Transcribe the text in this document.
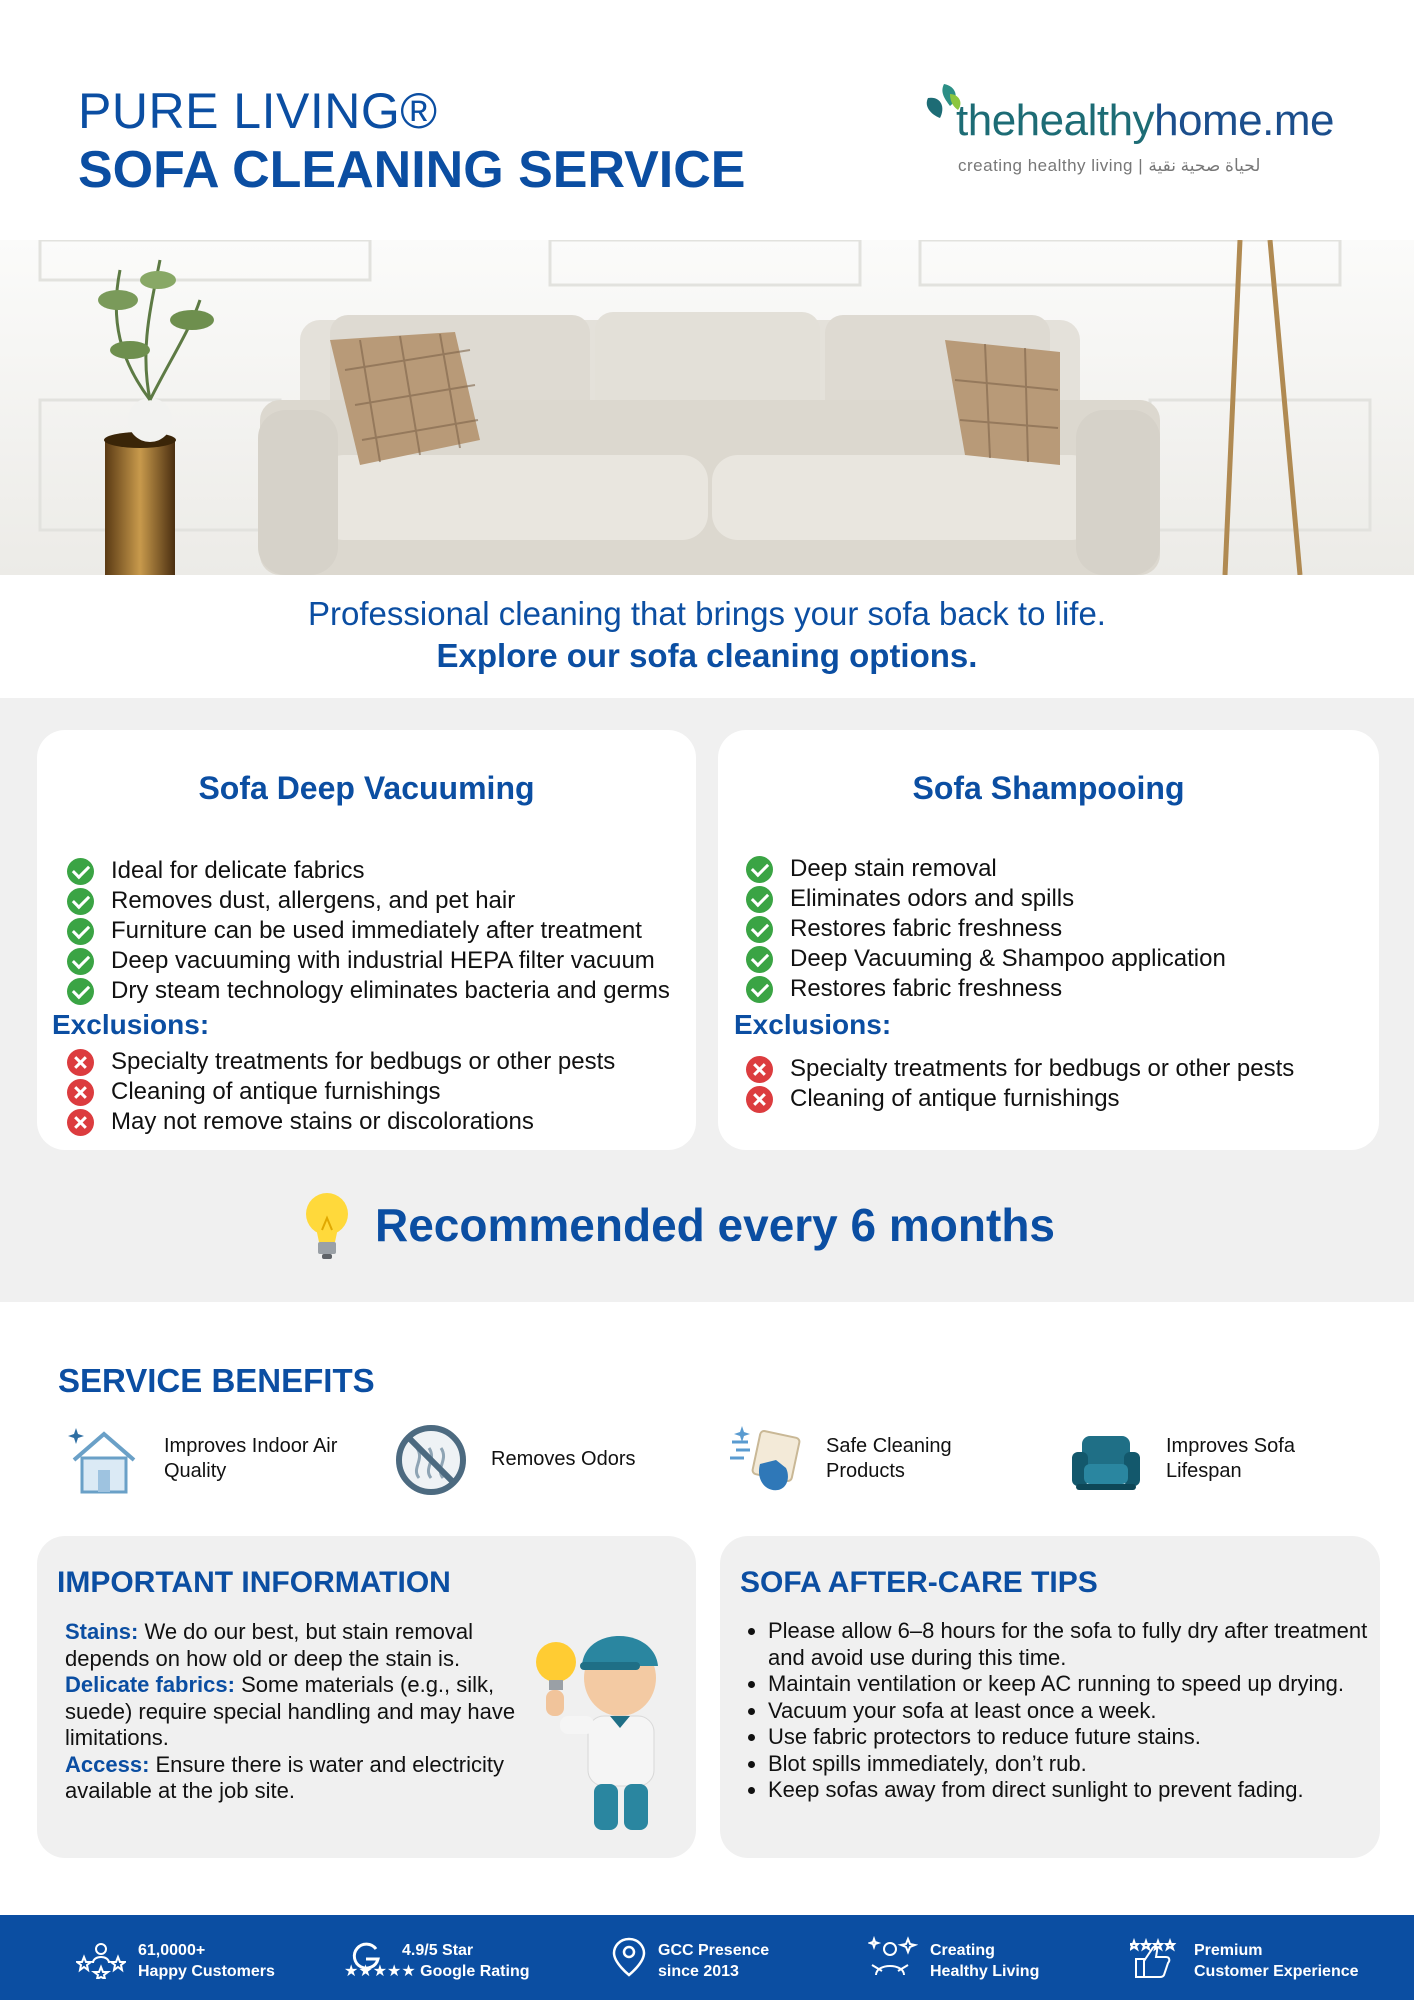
PURE LIVING®
SOFA CLEANING SERVICE
thehealthyhome.me
creating healthy living | لحياة صحية نقية
Professional cleaning that brings your sofa back to life.
Explore our sofa cleaning options.
Sofa Deep Vacuuming
Ideal for delicate fabrics
Removes dust, allergens, and pet hair
Furniture can be used immediately after treatment
Deep vacuuming with industrial HEPA filter vacuum
Dry steam technology eliminates bacteria and germs
Exclusions:
Specialty treatments for bedbugs or other pests
Cleaning of antique furnishings
May not remove stains or discolorations
Sofa Shampooing
Deep stain removal
Eliminates odors and spills
Restores fabric freshness
Deep Vacuuming & Shampoo application
Restores fabric freshness
Exclusions:
Specialty treatments for bedbugs or other pests
Cleaning of antique furnishings
Recommended every 6 months
SERVICE BENEFITS
Improves Indoor Air Quality
Removes Odors
Safe Cleaning Products
Improves Sofa Lifespan
IMPORTANT INFORMATION
Stains: We do our best, but stain removal depends on how old or deep the stain is.
Delicate fabrics: Some materials (e.g., silk, suede) require special handling and may have limitations.
Access: Ensure there is water and electricity available at the job site.
SOFA AFTER-CARE TIPS
• Please allow 6–8 hours for the sofa to fully dry after treatment and avoid use during this time.
• Maintain ventilation or keep AC running to speed up drying.
• Vacuum your sofa at least once a week.
• Use fabric protectors to reduce future stains.
• Blot spills immediately, don’t rub.
• Keep sofas away from direct sunlight to prevent fading.
61,0000+
Happy Customers
4.9/5 Star
★★★★★ Google Rating
GCC Presence
since 2013
Creating
Healthy Living
Premium
Customer Experience
